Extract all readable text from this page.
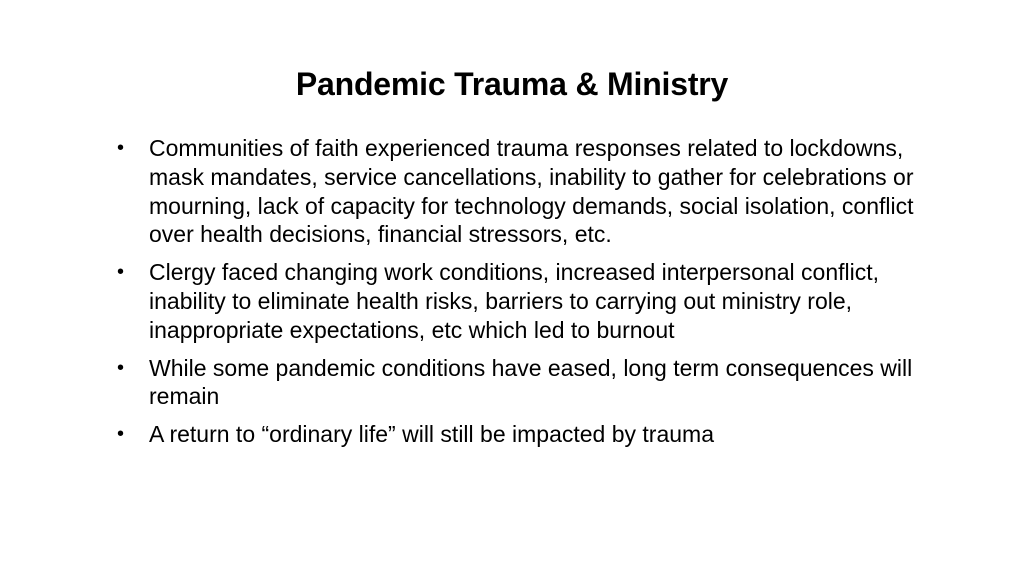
Pandemic Trauma & Ministry
•	Communities of faith experienced trauma responses related to lockdowns, mask mandates, service cancellations, inability to gather for celebrations or mourning, lack of capacity for technology demands, social isolation, conflict over health decisions, financial stressors, etc.
•	Clergy faced changing work conditions, increased interpersonal conflict, inability to eliminate health risks, barriers to carrying out ministry role, inappropriate expectations, etc which led to burnout
•	While some pandemic conditions have eased, long term consequences will remain
•	A return to “ordinary life” will still be impacted by trauma
